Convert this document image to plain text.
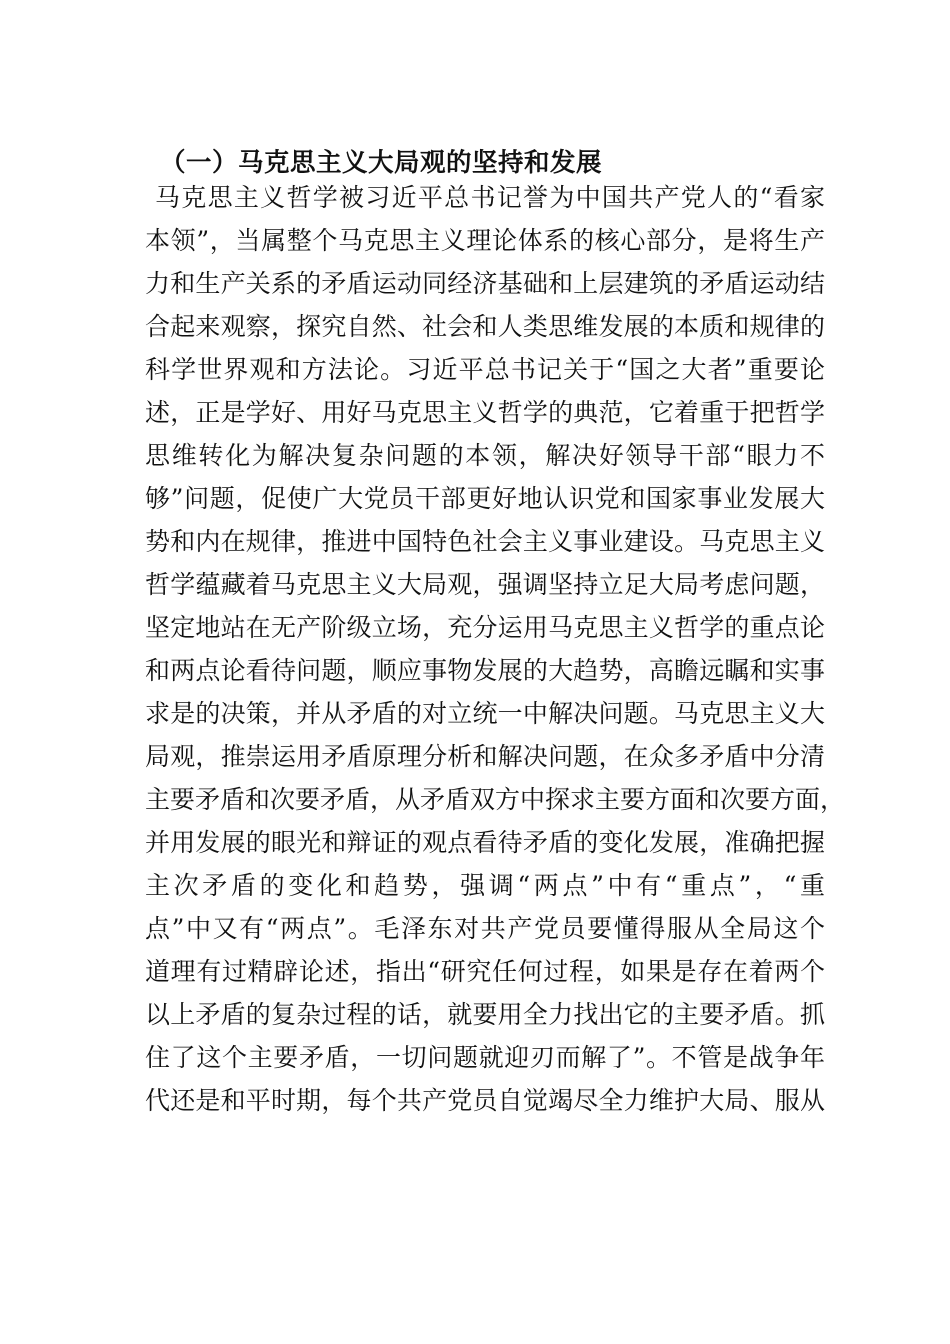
（一）马克思主义大局观的坚持和发展
马克思主义哲学被习近平总书记誉为中国共产党人的“看家
本领”，当属整个马克思主义理论体系的核心部分，是将生产
力和生产关系的矛盾运动同经济基础和上层建筑的矛盾运动结
合起来观察，探究自然、社会和人类思维发展的本质和规律的
科学世界观和方法论。习近平总书记关于“国之大者”重要论
述，正是学好、用好马克思主义哲学的典范，它着重于把哲学
思维转化为解决复杂问题的本领，解决好领导干部“眼力不
够”问题，促使广大党员干部更好地认识党和国家事业发展大
势和内在规律，推进中国特色社会主义事业建设。马克思主义
哲学蕴藏着马克思主义大局观，强调坚持立足大局考虑问题，
坚定地站在无产阶级立场，充分运用马克思主义哲学的重点论
和两点论看待问题，顺应事物发展的大趋势，高瞻远瞩和实事
求是的决策，并从矛盾的对立统一中解决问题。马克思主义大
局观，推崇运用矛盾原理分析和解决问题，在众多矛盾中分清
主要矛盾和次要矛盾，从矛盾双方中探求主要方面和次要方面，
并用发展的眼光和辩证的观点看待矛盾的变化发展，准确把握
主次矛盾的变化和趋势，强调“两点”中有“重点”，“重
点”中又有“两点”。毛泽东对共产党员要懂得服从全局这个
道理有过精辟论述，指出“研究任何过程，如果是存在着两个
以上矛盾的复杂过程的话，就要用全力找出它的主要矛盾。抓
住了这个主要矛盾，一切问题就迎刃而解了”。不管是战争年
代还是和平时期，每个共产党员自觉竭尽全力维护大局、服从
